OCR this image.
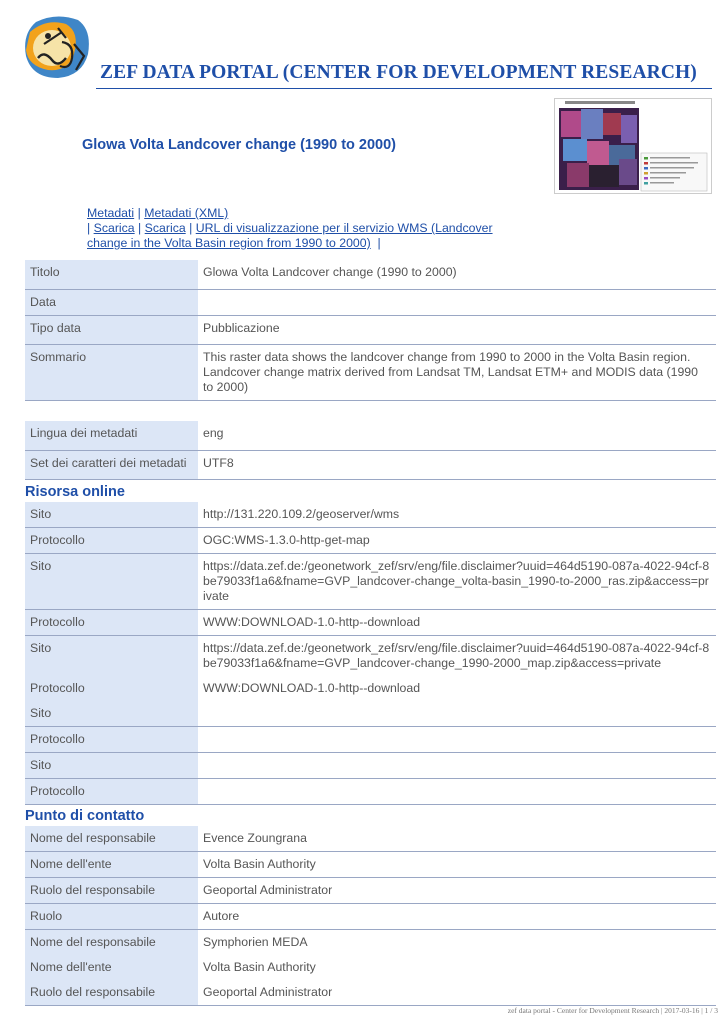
ZEF DATA PORTAL (CENTER FOR DEVELOPMENT RESEARCH)
Glowa Volta Landcover change (1990 to 2000)
Metadati | Metadati (XML)
| Scarica | Scarica | URL di visualizzazione per il servizio WMS (Landcover change in the Volta Basin region from 1990 to 2000)  |
Titolo	Glowa Volta Landcover change (1990 to 2000)
Data	
Tipo data	Pubblicazione
Sommario	This raster data shows the landcover change from 1990 to 2000 in the Volta Basin region. Landcover change matrix derived from Landsat TM, Landsat ETM+ and MODIS data (1990 to 2000)
Lingua dei metadati	eng
Set dei caratteri dei metadati	UTF8
Risorsa online
Sito	http://131.220.109.2/geoserver/wms
Protocollo	OGC:WMS-1.3.0-http-get-map
Sito	https://data.zef.de:/geonetwork_zef/srv/eng/file.disclaimer?uuid=464d5190-087a-4022-94cf-8be79033f1a6&fname=GVP_landcover-change_volta-basin_1990-to-2000_ras.zip&access=private
Protocollo	WWW:DOWNLOAD-1.0-http--download
Sito	https://data.zef.de:/geonetwork_zef/srv/eng/file.disclaimer?uuid=464d5190-087a-4022-94cf-8be79033f1a6&fname=GVP_landcover-change_1990-2000_map.zip&access=private
Protocollo	WWW:DOWNLOAD-1.0-http--download
Sito	
Protocollo	
Sito	
Protocollo	
Punto di contatto
Nome del responsabile	Evence Zoungrana
Nome dell'ente	Volta Basin Authority
Ruolo del responsabile	Geoportal Administrator
Ruolo	Autore
Nome del responsabile	Symphorien MEDA
Nome dell'ente	Volta Basin Authority
Ruolo del responsabile	Geoportal Administrator
zef data portal - Center for Development Research | 2017-03-16 | 1 / 3
